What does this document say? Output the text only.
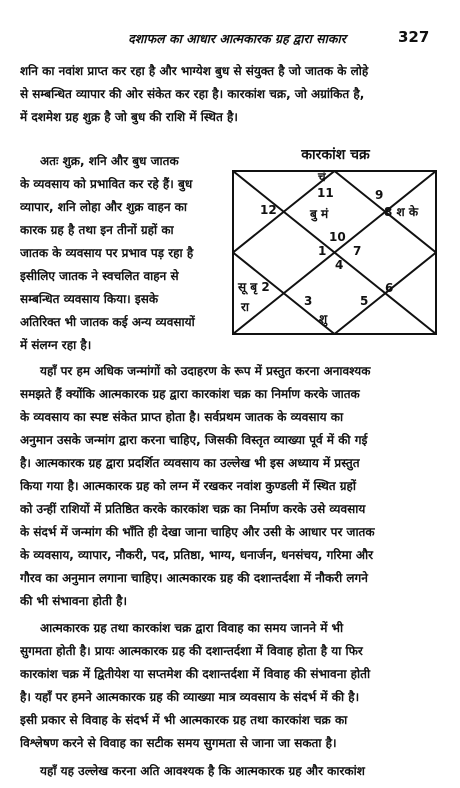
दशाफल का आधार आत्मकारक ग्रह द्वारा साकार	327
शनि का नवांश प्राप्त कर रहा है और भाग्येश बुध से संयुक्त है जो जातक के लोहे
से सम्बन्धित व्यापार की ओर संकेत कर रहा है। कारकांश चक्र, जो अग्रांकित है,
में दशमेश ग्रह शुक्र है जो बुध की राशि में स्थित है।
अतः शुक्र, शनि और बुध जातक
के व्यवसाय को प्रभावित कर रहे हैं। बुध
व्यापार, शनि लोहा और शुक्र वाहन का
कारक ग्रह है तथा इन तीनों ग्रहों का
जातक के व्यवसाय पर प्रभाव पड़ रहा है
इसीलिए जातक ने स्वचलित वाहन से
सम्बन्धित व्यवसाय किया। इसके
अतिरिक्त भी जातक कई अन्य व्यवसायों
में संलग्न रहा है।
कारकांश चक्र
चं
11
12	बु मं
9
8 श के
10
1 7
4
सू बृ 2
रा	3
6
5
शु
यहाँ पर हम अधिक जन्मांगों को उदाहरण के रूप में प्रस्तुत करना अनावश्यक
समझते हैं क्योंकि आत्मकारक ग्रह द्वारा कारकांश चक्र का निर्माण करके जातक
के व्यवसाय का स्पष्ट संकेत प्राप्त होता है। सर्वप्रथम जातक के व्यवसाय का
अनुमान उसके जन्मांग द्वारा करना चाहिए, जिसकी विस्तृत व्याख्या पूर्व में की गई
है। आत्मकारक ग्रह द्वारा प्रदर्शित व्यवसाय का उल्लेख भी इस अध्याय में प्रस्तुत
किया गया है। आत्मकारक ग्रह को लग्न में रखकर नवांश कुण्डली में स्थित ग्रहों
को उन्हीं राशियों में प्रतिष्ठित करके कारकांश चक्र का निर्माण करके उसे व्यवसाय
के संदर्भ में जन्मांग की भाँति ही देखा जाना चाहिए और उसी के आधार पर जातक
के व्यवसाय, व्यापार, नौकरी, पद, प्रतिष्ठा, भाग्य, धनार्जन, धनसंचय, गरिमा और
गौरव का अनुमान लगाना चाहिए। आत्मकारक ग्रह की दशान्तर्दशा में नौकरी लगने
की भी संभावना होती है।
आत्मकारक ग्रह तथा कारकांश चक्र द्वारा विवाह का समय जानने में भी
सुगमता होती है। प्रायः आत्मकारक ग्रह की दशान्तर्दशा में विवाह होता है या फिर
कारकांश चक्र में द्वितीयेश या सप्तमेश की दशान्तर्दशा में विवाह की संभावना होती
है। यहाँ पर हमने आत्मकारक ग्रह की व्याख्या मात्र व्यवसाय के संदर्भ में की है।
इसी प्रकार से विवाह के संदर्भ में भी आत्मकारक ग्रह तथा कारकांश चक्र का
विश्लेषण करने से विवाह का सटीक समय सुगमता से जाना जा सकता है।
यहाँ यह उल्लेख करना अति आवश्यक है कि आत्मकारक ग्रह और कारकांश
